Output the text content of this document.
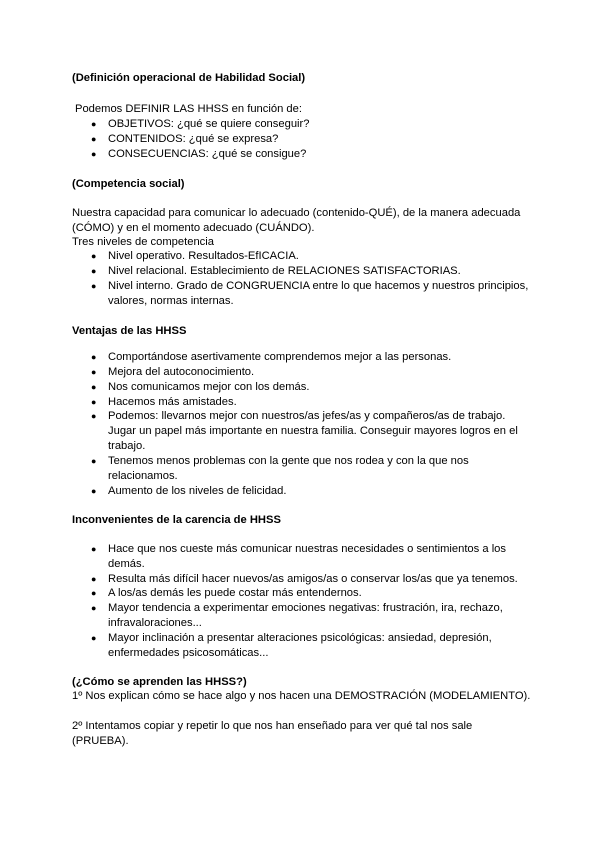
(Definición operacional de Habilidad Social)
Podemos DEFINIR LAS HHSS en función de:
● OBJETIVOS: ¿qué se quiere conseguir?
● CONTENIDOS: ¿qué se expresa?
● CONSECUENCIAS: ¿qué se consigue?
(Competencia social)
Nuestra capacidad para comunicar lo adecuado (contenido-QUÉ), de la manera adecuada
(CÓMO) y en el momento adecuado (CUÁNDO).
Tres niveles de competencia
● Nivel operativo. Resultados-EfICACIA.
● Nivel relacional. Establecimiento de RELACIONES SATISFACTORIAS.
● Nivel interno. Grado de CONGRUENCIA entre lo que hacemos y nuestros principios,
valores, normas internas.
Ventajas de las HHSS
● Comportándose asertivamente comprendemos mejor a las personas.
● Mejora del autoconocimiento.
● Nos comunicamos mejor con los demás.
● Hacemos más amistades.
● Podemos: llevarnos mejor con nuestros/as jefes/as y compañeros/as de trabajo.
Jugar un papel más importante en nuestra familia. Conseguir mayores logros en el
trabajo.
● Tenemos menos problemas con la gente que nos rodea y con la que nos
relacionamos.
● Aumento de los niveles de felicidad.
Inconvenientes de la carencia de HHSS
● Hace que nos cueste más comunicar nuestras necesidades o sentimientos a los
demás.
● Resulta más difícil hacer nuevos/as amigos/as o conservar los/as que ya tenemos.
● A los/as demás les puede costar más entendernos.
● Mayor tendencia a experimentar emociones negativas: frustración, ira, rechazo,
infravaloraciones...
● Mayor inclinación a presentar alteraciones psicológicas: ansiedad, depresión,
enfermedades psicosomáticas...
(¿Cómo se aprenden las HHSS?)
1º Nos explican cómo se hace algo y nos hacen una DEMOSTRACIÓN (MODELAMIENTO).
2º Intentamos copiar y repetir lo que nos han enseñado para ver qué tal nos sale
(PRUEBA).
